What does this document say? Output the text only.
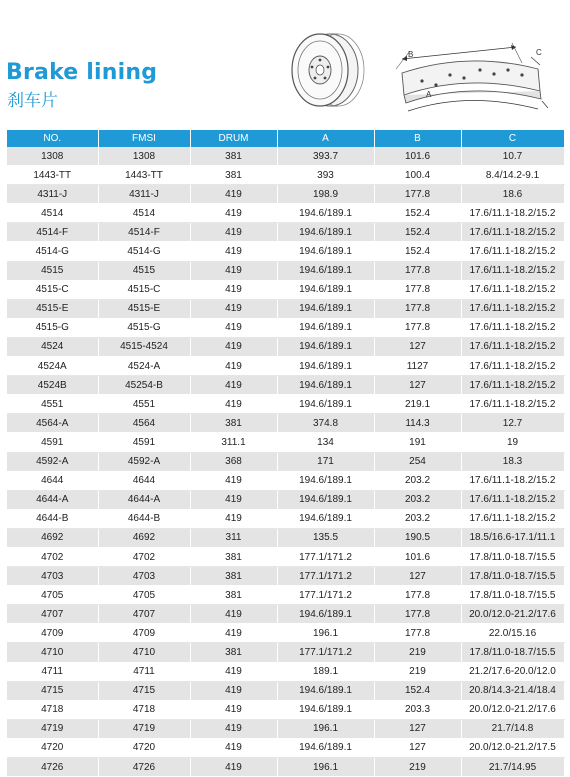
Brake lining
刹车片
B	C
A
NO.	FMSI	DRUM	A	B	C
1308	1308	381	393.7	101.6	10.7
1443-TT	1443-TT	381	393	100.4	8.4/14.2-9.1
4311-J	4311-J	419	198.9	177.8	18.6
4514	4514	419	194.6/189.1	152.4	17.6/11.1-18.2/15.2
4514-F	4514-F	419	194.6/189.1	152.4	17.6/11.1-18.2/15.2
4514-G	4514-G	419	194.6/189.1	152.4	17.6/11.1-18.2/15.2
4515	4515	419	194.6/189.1	177.8	17.6/11.1-18.2/15.2
4515-C	4515-C	419	194.6/189.1	177.8	17.6/11.1-18.2/15.2
4515-E	4515-E	419	194.6/189.1	177.8	17.6/11.1-18.2/15.2
4515-G	4515-G	419	194.6/189.1	177.8	17.6/11.1-18.2/15.2
4524	4515-4524	419	194.6/189.1	127	17.6/11.1-18.2/15.2
4524A	4524-A	419	194.6/189.1	1127	17.6/11.1-18.2/15.2
4524B	45254-B	419	194.6/189.1	127	17.6/11.1-18.2/15.2
4551	4551	419	194.6/189.1	219.1	17.6/11.1-18.2/15.2
4564-A	4564	381	374.8	114.3	12.7
4591	4591	311.1	134	191	19
4592-A	4592-A	368	171	254	18.3
4644	4644	419	194.6/189.1	203.2	17.6/11.1-18.2/15.2
4644-A	4644-A	419	194.6/189.1	203.2	17.6/11.1-18.2/15.2
4644-B	4644-B	419	194.6/189.1	203.2	17.6/11.1-18.2/15.2
4692	4692	311	135.5	190.5	18.5/16.6-17.1/11.1
4702	4702	381	177.1/171.2	101.6	17.8/11.0-18.7/15.5
4703	4703	381	177.1/171.2	127	17.8/11.0-18.7/15.5
4705	4705	381	177.1/171.2	177.8	17.8/11.0-18.7/15.5
4707	4707	419	194.6/189.1	177.8	20.0/12.0-21.2/17.6
4709	4709	419	196.1	177.8	22.0/15.16
4710	4710	381	177.1/171.2	219	17.8/11.0-18.7/15.5
4711	4711	419	189.1	219	21.2/17.6-20.0/12.0
4715	4715	419	194.6/189.1	152.4	20.8/14.3-21.4/18.4
4718	4718	419	194.6/189.1	203.3	20.0/12.0-21.2/17.6
4719	4719	419	196.1	127	21.7/14.8
4720	4720	419	194.6/189.1	127	20.0/12.0-21.2/17.5
4726	4726	419	196.1	219	21.7/14.95
